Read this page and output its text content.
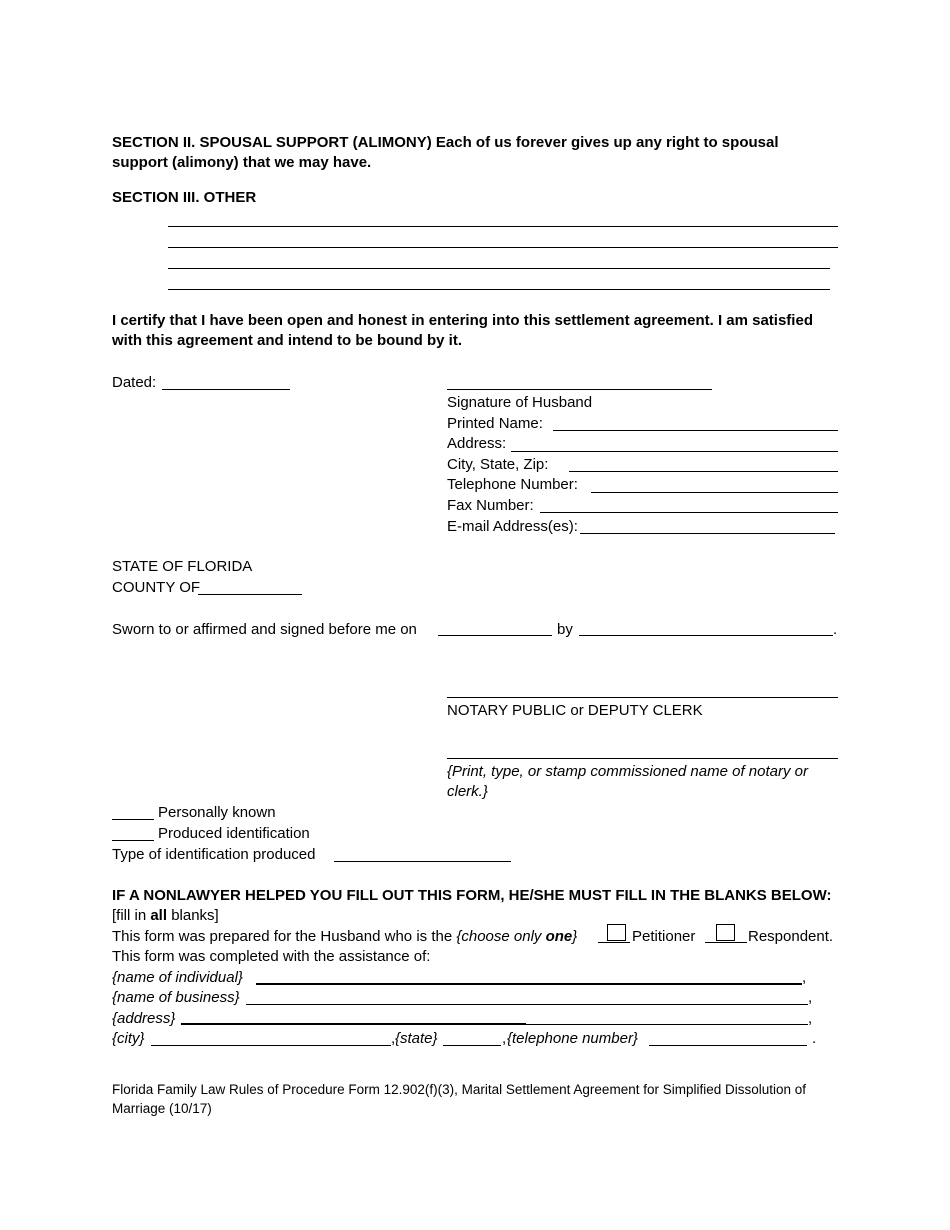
SECTION II. SPOUSAL SUPPORT (ALIMONY) Each of us forever gives up any right to spousal support (alimony) that we may have.
SECTION III. OTHER
I certify that I have been open and honest in entering into this settlement agreement. I am satisfied with this agreement and intend to be bound by it.
Dated:
Signature of Husband
Printed Name:
Address:
City, State, Zip:
Telephone Number:
Fax Number:
E-mail Address(es):
STATE OF FLORIDA
COUNTY OF
Sworn to or affirmed and signed before me on	by	.
NOTARY PUBLIC or DEPUTY CLERK
{Print, type, or stamp commissioned name of notary or clerk.}
Personally known
Produced identification
Type of identification produced
IF A NONLAWYER HELPED YOU FILL OUT THIS FORM, HE/SHE MUST FILL IN THE BLANKS BELOW:
[fill in all blanks]
This form was prepared for the Husband who is the {choose only one}	Petitioner	Respondent.
This form was completed with the assistance of:
{name of individual}	,
{name of business}	,
{address}	,
{city}	, {state}	, {telephone number}	.
Florida Family Law Rules of Procedure Form 12.902(f)(3), Marital Settlement Agreement for Simplified Dissolution of Marriage (10/17)
